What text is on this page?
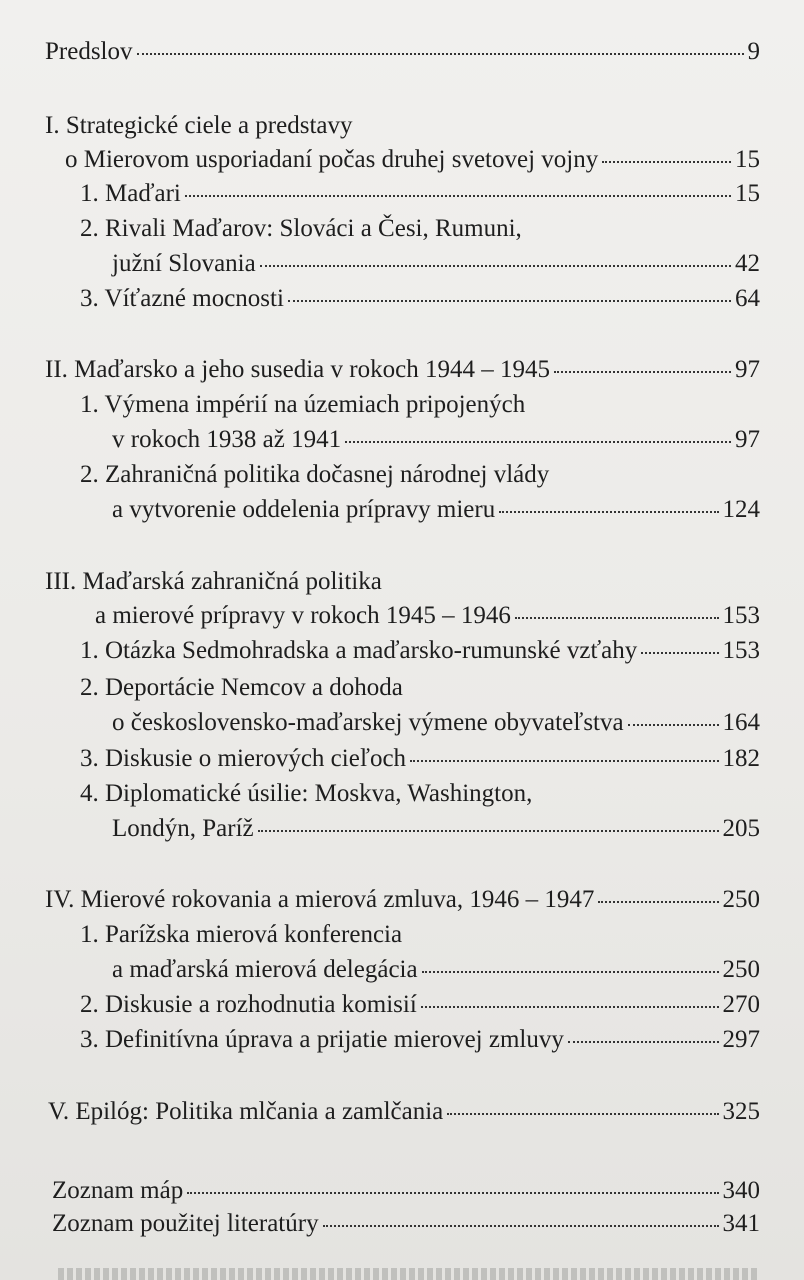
Predslov	9
I. Strategické ciele a predstavy
o Mierovom usporiadaní počas druhej svetovej vojny	15
1. Maďari	15
2. Rivali Maďarov: Slováci a Česi, Rumuni,
južní Slovania	42
3. Víťazné mocnosti	64
II. Maďarsko a jeho susedia v rokoch 1944 – 1945	97
1. Výmena impérií na územiach pripojených
v rokoch 1938 až 1941	97
2. Zahraničná politika dočasnej národnej vlády
a vytvorenie oddelenia prípravy mieru	124
III. Maďarská zahraničná politika
a mierové prípravy v rokoch 1945 – 1946	153
1. Otázka Sedmohradska a maďarsko-rumunské vzťahy	153
2. Deportácie Nemcov a dohoda
o československo-maďarskej výmene obyvateľstva	164
3. Diskusie o mierových cieľoch	182
4. Diplomatické úsilie: Moskva, Washington,
Londýn, Paríž	205
IV. Mierové rokovania a mierová zmluva, 1946 – 1947	250
1. Parížska mierová konferencia
a maďarská mierová delegácia	250
2. Diskusie a rozhodnutia komisií	270
3. Definitívna úprava a prijatie mierovej zmluvy	297
V. Epilóg: Politika mlčania a zamlčania	325
Zoznam máp	340
Zoznam použitej literatúry	341
